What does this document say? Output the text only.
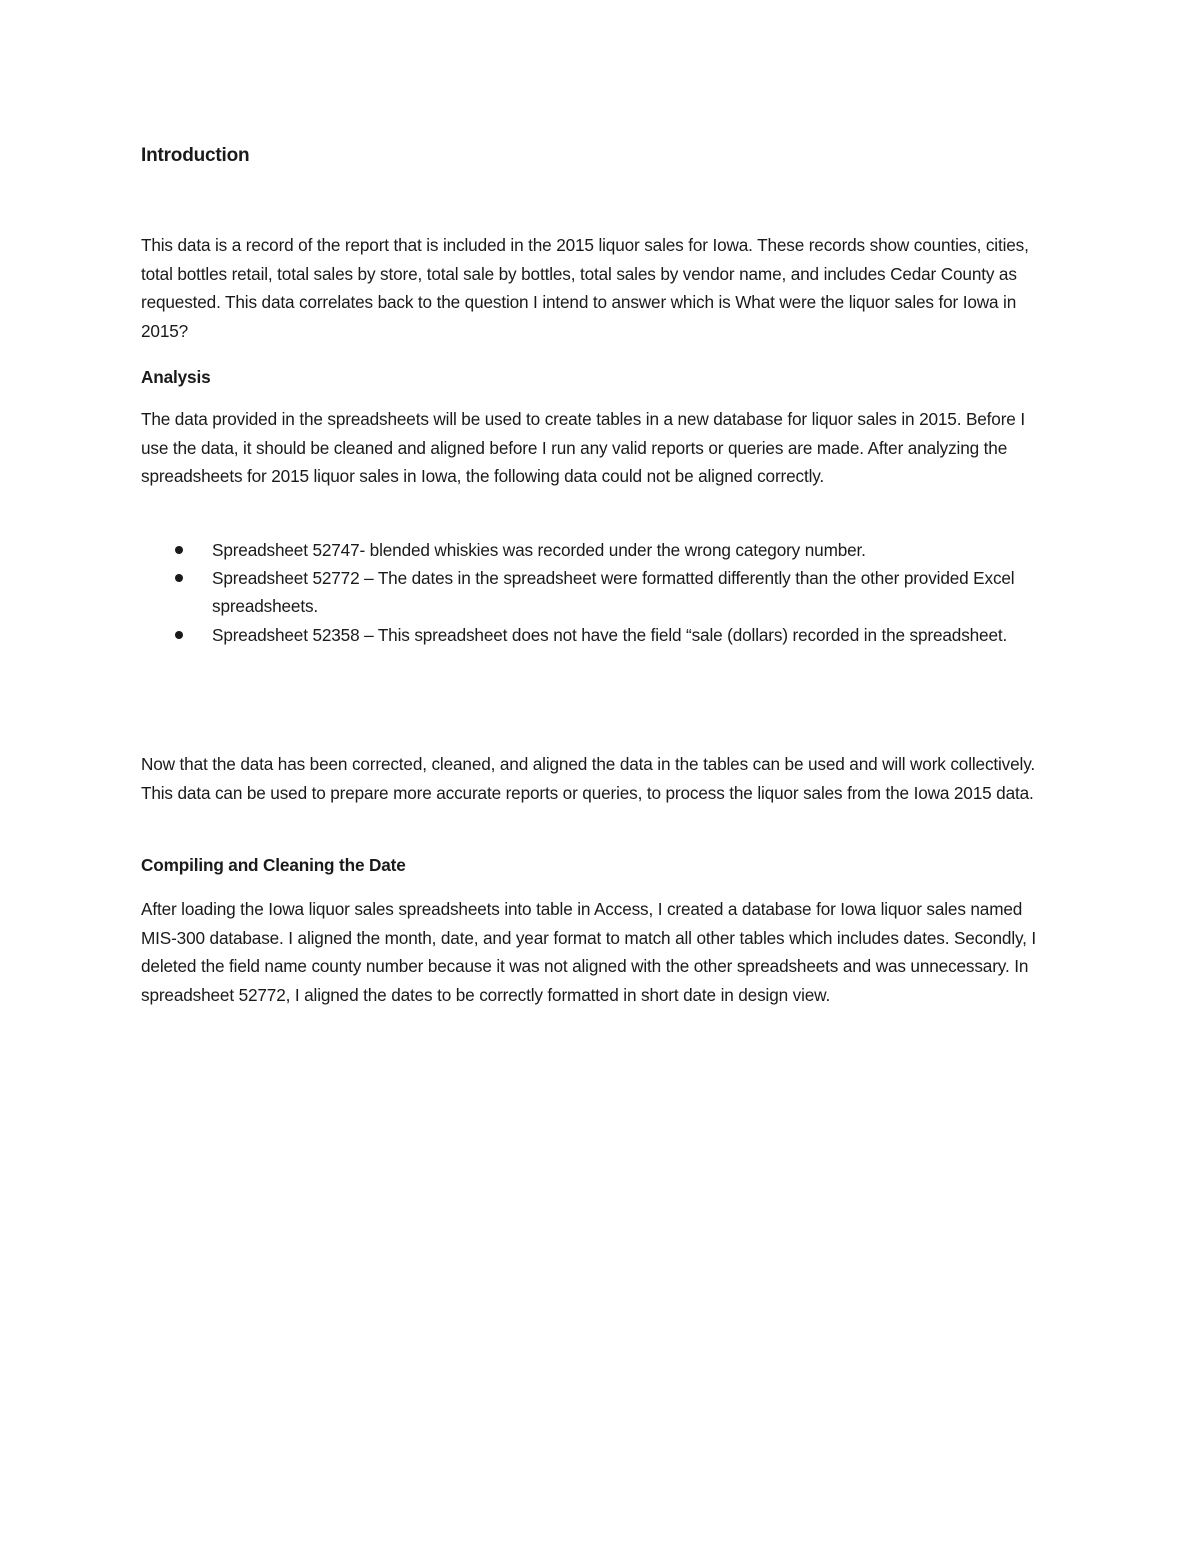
Introduction

This data is a record of the report that is included in the 2015 liquor sales for Iowa. These records show counties, cities, total bottles retail, total sales by store, total sale by bottles, total sales by vendor name, and includes Cedar County as requested. This data correlates back to the question I intend to answer which is What were the liquor sales for Iowa in 2015?

Analysis

The data provided in the spreadsheets will be used to create tables in a new database for liquor sales in 2015. Before I use the data, it should be cleaned and aligned before I run any valid reports or queries are made. After analyzing the spreadsheets for 2015 liquor sales in Iowa, the following data could not be aligned correctly.

Spreadsheet 52747- blended whiskies was recorded under the wrong category number.
Spreadsheet 52772 – The dates in the spreadsheet were formatted differently than the other provided Excel spreadsheets.
Spreadsheet 52358 – This spreadsheet does not have the field “sale (dollars) recorded in the spreadsheet.

Now that the data has been corrected, cleaned, and aligned the data in the tables can be used and will work collectively. This data can be used to prepare more accurate reports or queries, to process the liquor sales from the Iowa 2015 data.

Compiling and Cleaning the Date

After loading the Iowa liquor sales spreadsheets into table in Access, I created a database for Iowa liquor sales named MIS-300 database. I aligned the month, date, and year format to match all other tables which includes dates. Secondly, I deleted the field name county number because it was not aligned with the other spreadsheets and was unnecessary. In spreadsheet 52772, I aligned the dates to be correctly formatted in short date in design view.
